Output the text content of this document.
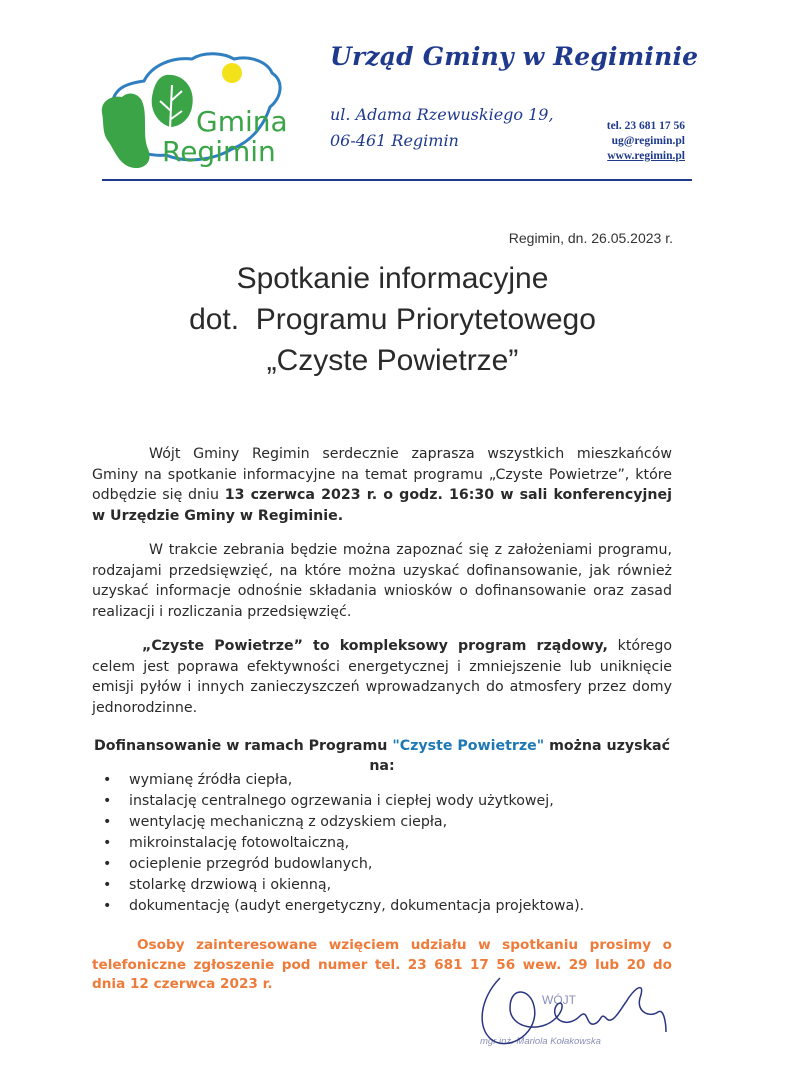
Gmina
Regimin
Urząd Gminy w Regiminie
ul. Adama Rzewuskiego 19,
06-461 Regimin
tel. 23 681 17 56
ug@regimin.pl
www.regimin.pl
Regimin, dn. 26.05.2023 r.
Spotkanie informacyjne
dot.  Programu Priorytetowego
„Czyste Powietrze”
Wójt Gminy Regimin serdecznie zaprasza wszystkich mieszkańców Gminy na spotkanie informacyjne na temat programu „Czyste Powietrze”, które odbędzie się dniu 13 czerwca 2023 r. o godz. 16:30 w sali konferencyjnej w Urzędzie Gminy w Regiminie.
W trakcie zebrania będzie można zapoznać się z założeniami programu, rodzajami przedsięwzięć, na które można uzyskać dofinansowanie, jak również uzyskać informacje odnośnie składania wniosków o dofinansowanie oraz zasad realizacji i rozliczania przedsięwzięć.
„Czyste Powietrze” to kompleksowy program rządowy, którego celem jest poprawa efektywności energetycznej i zmniejszenie lub uniknięcie emisji pyłów i innych zanieczyszczeń wprowadzanych do atmosfery przez domy jednorodzinne.
Dofinansowanie w ramach Programu "Czyste Powietrze" można uzyskać na:
• wymianę źródła ciepła,
• instalację centralnego ogrzewania i ciepłej wody użytkowej,
• wentylację mechaniczną z odzyskiem ciepła,
• mikroinstalację fotowoltaiczną,
• ocieplenie przegród budowlanych,
• stolarkę drzwiową i okienną,
• dokumentację (audyt energetyczny, dokumentacja projektowa).
Osoby zainteresowane wzięciem udziału w spotkaniu prosimy o telefoniczne zgłoszenie pod numer tel. 23 681 17 56 wew. 29 lub 20 do dnia 12 czerwca 2023 r.
WÓJT
mgr inż. Mariola Kołakowska
